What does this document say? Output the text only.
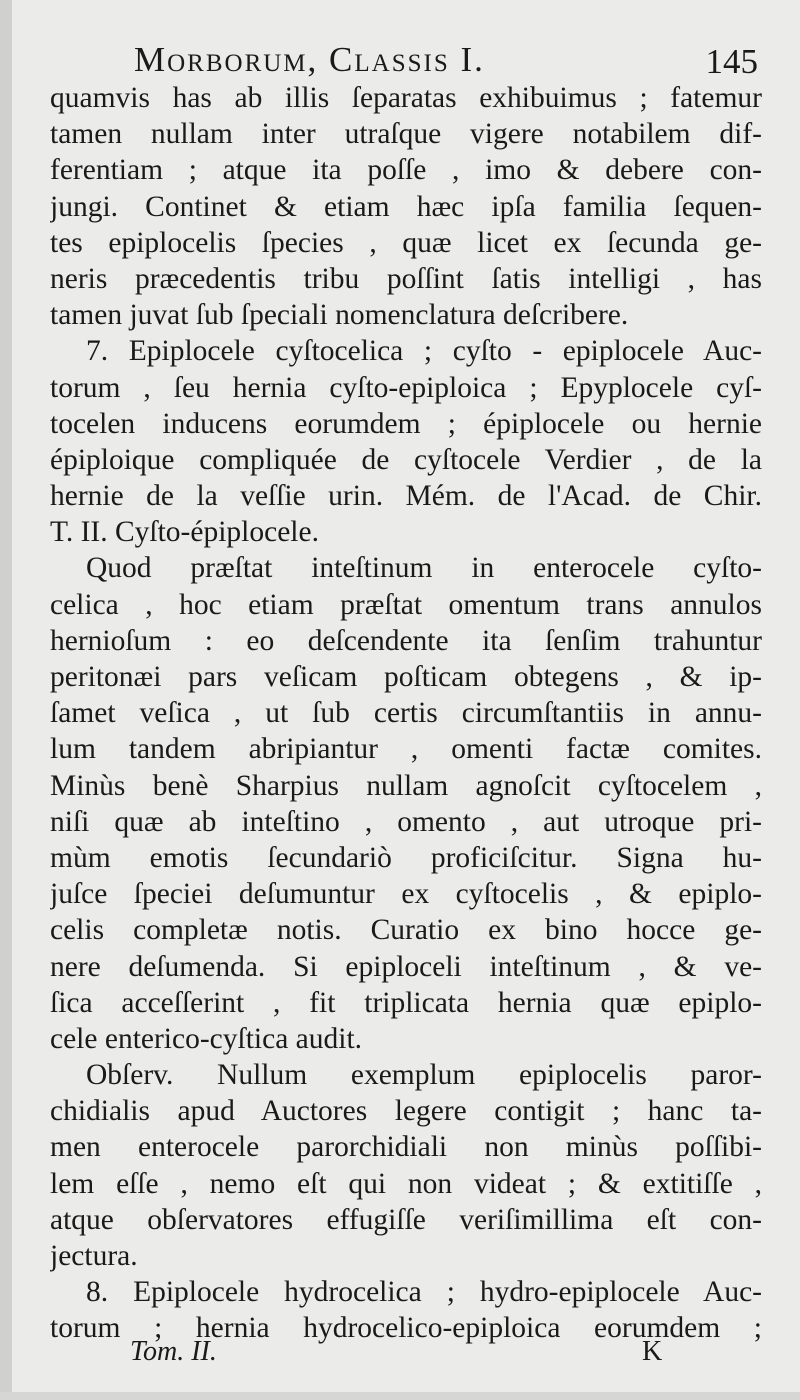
Morborum, Classis I.	145
quamvis has ab illis ſeparatas exhibuimus ; fatemur
tamen nullam inter utraſque vigere notabilem dif-
ferentiam ; atque ita poſſe , imo & debere con-
jungi. Continet & etiam hæc ipſa familia ſequen-
tes epiplocelis ſpecies , quæ licet ex ſecunda ge-
neris præcedentis tribu poſſint ſatis intelligi , has
tamen juvat ſub ſpeciali nomenclatura deſcribere.
7. Epiplocele cyſtocelica ; cyſto - epiplocele Auc-
torum , ſeu hernia cyſto-epiploica ; Epyplocele cyſ-
tocelen inducens eorumdem ; épiplocele ou hernie
épiploique compliquée de cyſtocele Verdier , de la
hernie de la veſſie urin. Mém. de l'Acad. de Chir.
T. II. Cyſto-épiplocele.
Quod præſtat inteſtinum in enterocele cyſto-
celica , hoc etiam præſtat omentum trans annulos
hernioſum : eo deſcendente ita ſenſim trahuntur
peritonæi pars veſicam poſticam obtegens , & ip-
ſamet veſica , ut ſub certis circumſtantiis in annu-
lum tandem abripiantur , omenti factæ comites.
Minùs benè Sharpius nullam agnoſcit cyſtocelem ,
niſi quæ ab inteſtino , omento , aut utroque pri-
mùm emotis ſecundariò proficiſcitur. Signa hu-
juſce ſpeciei deſumuntur ex cyſtocelis , & epiplo-
celis completæ notis. Curatio ex bino hocce ge-
nere deſumenda. Si epiploceli inteſtinum , & ve-
ſica acceſſerint , fit triplicata hernia quæ epiplo-
cele enterico-cyſtica audit.
Obſerv. Nullum exemplum epiplocelis paror-
chidialis apud Auctores legere contigit ; hanc ta-
men enterocele parorchidiali non minùs poſſibi-
lem eſſe , nemo eſt qui non videat ; & extitiſſe ,
atque obſervatores effugiſſe veriſimillima eſt con-
jectura.
8. Epiplocele hydrocelica ; hydro-epiplocele Auc-
torum ; hernia hydrocelico-epiploica eorumdem ;
Tom. II.	K
